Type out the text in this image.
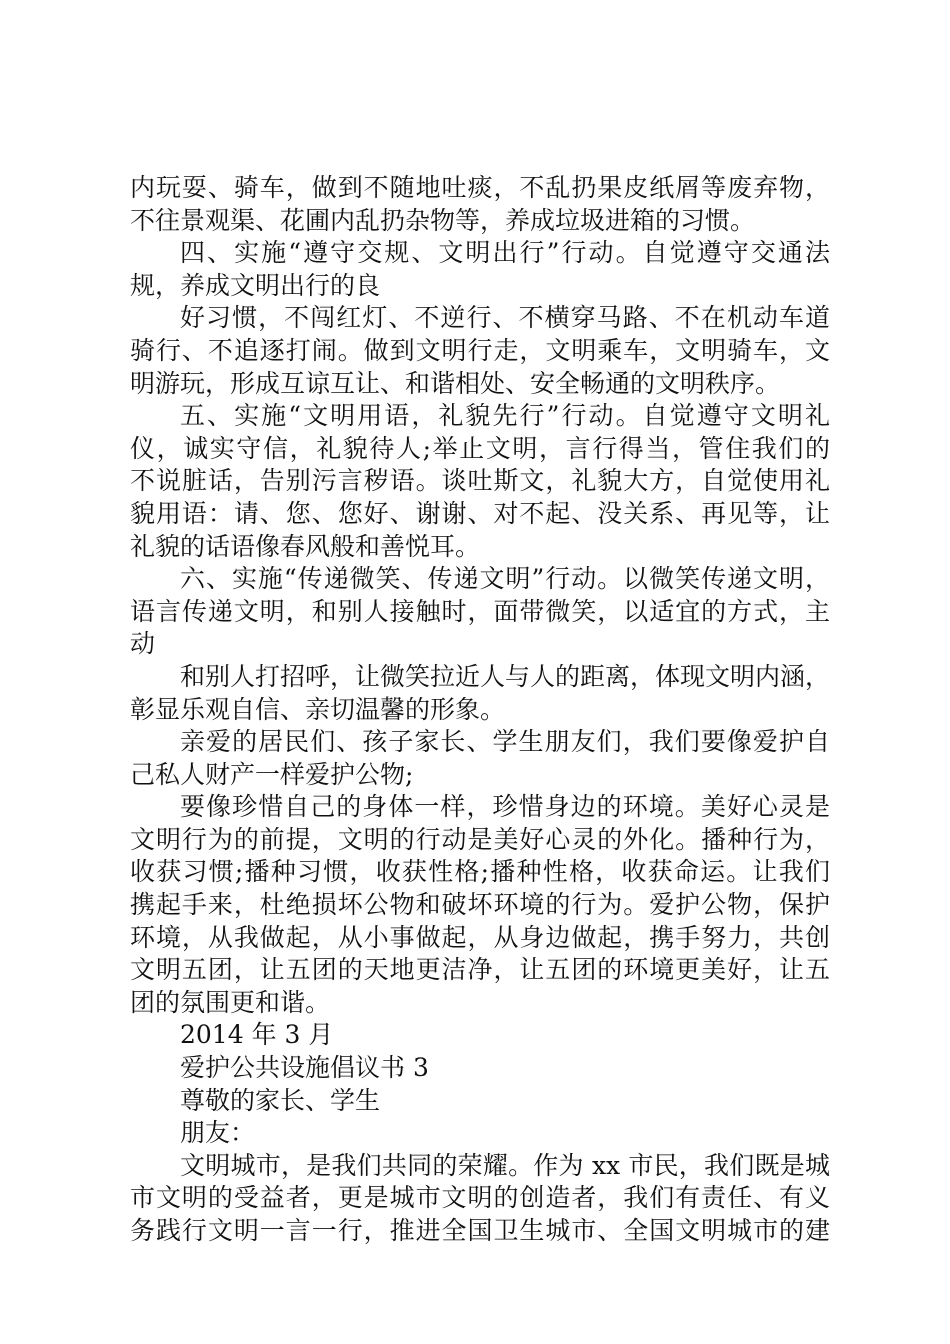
内玩耍、骑车，做到不随地吐痰，不乱扔果皮纸屑等废弃物，
不往景观渠、花圃内乱扔杂物等，养成垃圾进箱的习惯。
四、实施“遵守交规、文明出行”行动。自觉遵守交通法
规，养成文明出行的良
好习惯，不闯红灯、不逆行、不横穿马路、不在机动车道
骑行、不追逐打闹。做到文明行走，文明乘车，文明骑车，文
明游玩，形成互谅互让、和谐相处、安全畅通的文明秩序。
五、实施“文明用语，礼貌先行”行动。自觉遵守文明礼
仪，诚实守信，礼貌待人;举止文明，言行得当，管住我们的
不说脏话，告别污言秽语。谈吐斯文，礼貌大方，自觉使用礼
貌用语：请、您、您好、谢谢、对不起、没关系、再见等，让
礼貌的话语像春风般和善悦耳。
六、实施“传递微笑、传递文明”行动。以微笑传递文明，
语言传递文明，和别人接触时，面带微笑，以适宜的方式，主
动
和别人打招呼，让微笑拉近人与人的距离，体现文明内涵，
彰显乐观自信、亲切温馨的形象。
亲爱的居民们、孩子家长、学生朋友们，我们要像爱护自
己私人财产一样爱护公物;
要像珍惜自己的身体一样，珍惜身边的环境。美好心灵是
文明行为的前提，文明的行动是美好心灵的外化。播种行为，
收获习惯;播种习惯，收获性格;播种性格，收获命运。让我们
携起手来，杜绝损坏公物和破坏环境的行为。爱护公物，保护
环境，从我做起，从小事做起，从身边做起，携手努力，共创
文明五团，让五团的天地更洁净，让五团的环境更美好，让五
团的氛围更和谐。
2014 年 3 月
爱护公共设施倡议书 3
尊敬的家长、学生
朋友：
文明城市，是我们共同的荣耀。作为 xx 市民，我们既是城
市文明的受益者，更是城市文明的创造者，我们有责任、有义
务践行文明一言一行，推进全国卫生城市、全国文明城市的建
